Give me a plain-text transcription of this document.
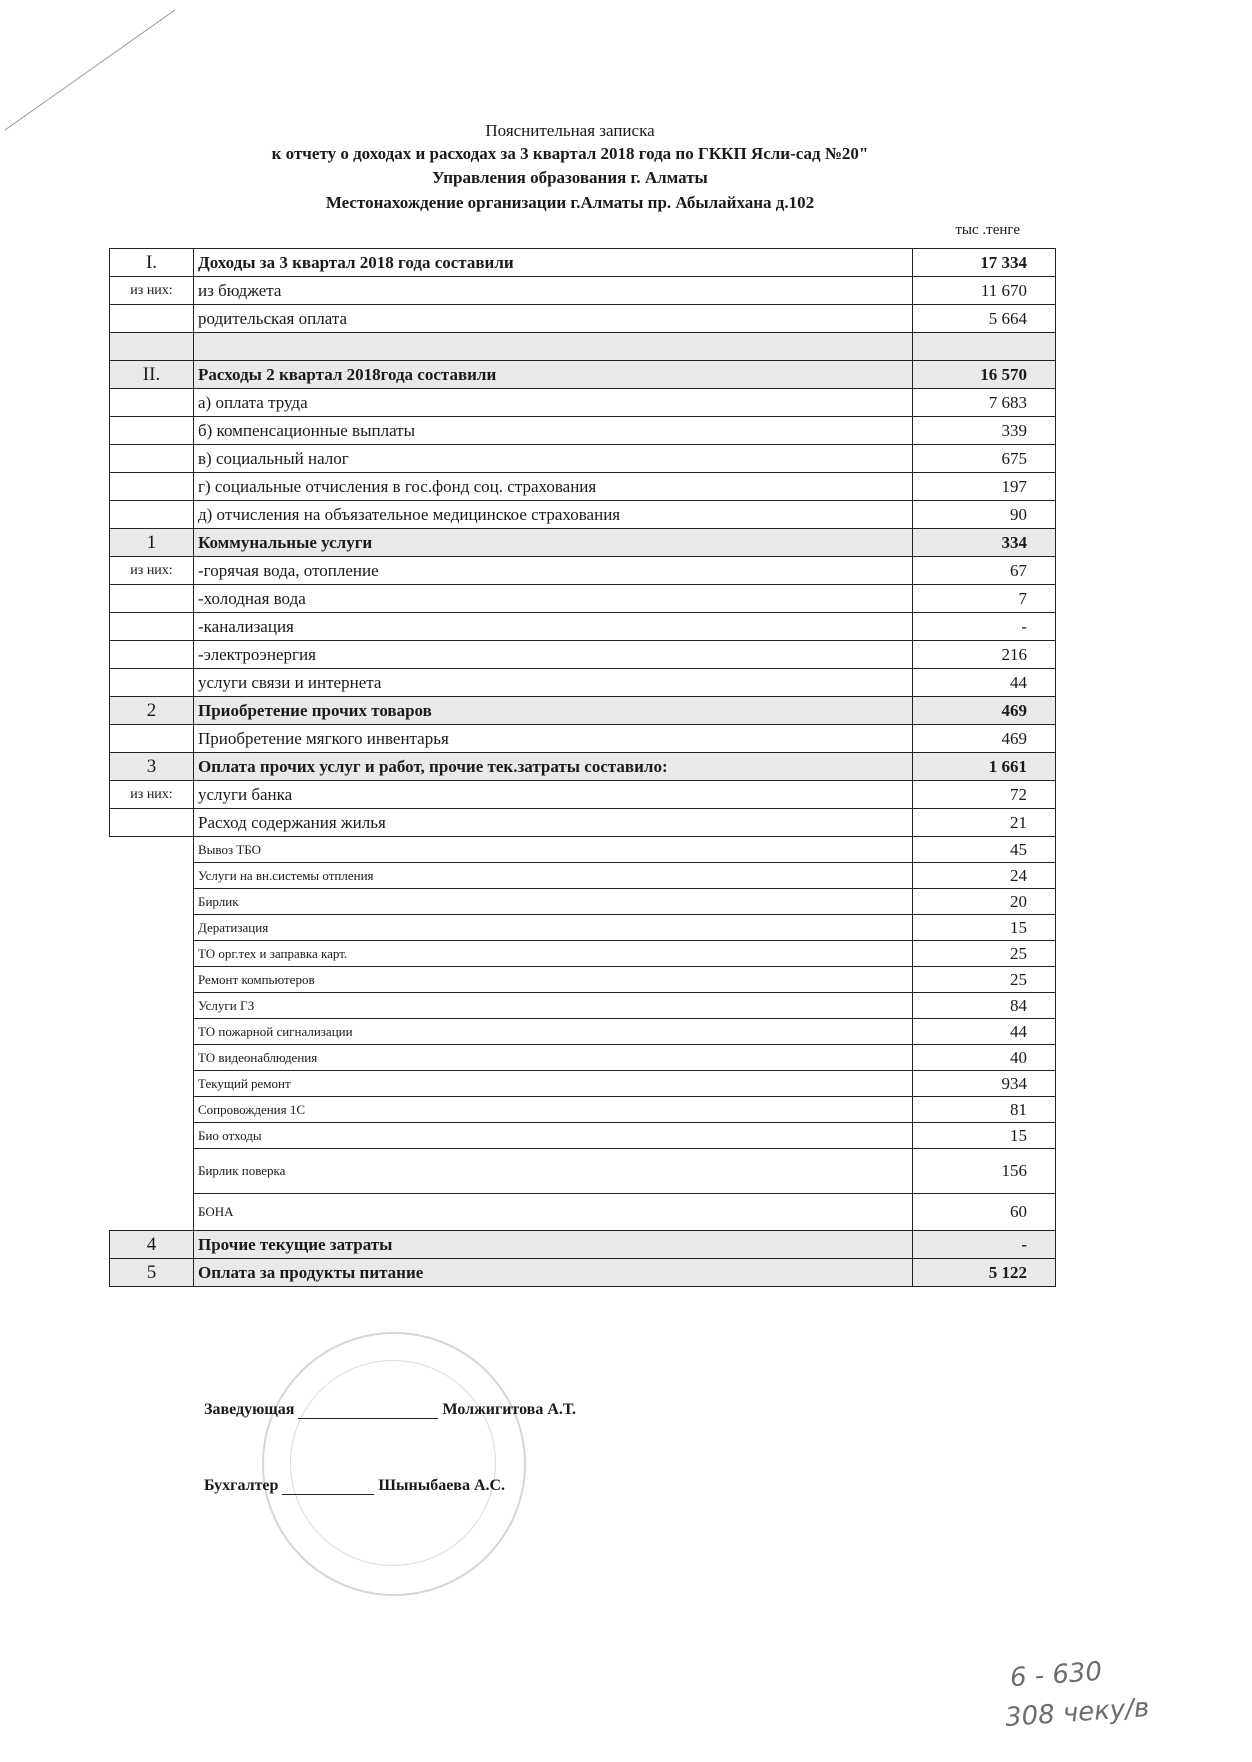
Пояснительная записка
к отчету о доходах и расходах за 3 квартал 2018 года по ГККП Ясли-сад №20"
Управления образования г. Алматы
Местонахождение организации г.Алматы пр. Абылайхана д.102
тыс .тенге
I.	Доходы за 3 квартал 2018 года составили	17 334
из них:	из бюджета	11 670
	родительская оплата	5 664

II.	Расходы 2 квартал 2018года составили	16 570
	а) оплата труда	7 683
	б) компенсационные выплаты	339
	в) социальный налог	675
	г) социальные отчисления в гос.фонд соц. страхования	197
	д) отчисления на объязательное медицинское страхования	90
1	Коммунальные услуги	334
из них:	-горячая вода, отопление	67
	-холодная вода	7
	-канализация	-
	-электроэнергия	216
	услуги связи и интернета	44
2	Приобретение прочих товаров	469
	Приобретение мягкого инвентарья	469
3	Оплата прочих услуг и работ, прочие тек.затраты составило:	1 661
из них:	услуги банка	72
	Расход содержания жилья	21
	Вывоз ТБО	45
	Услуги на вн.системы отпления	24
	Бирлик	20
	Дератизация	15
	ТО орг.тех и заправка карт.	25
	Ремонт компьютеров	25
	Услуги ГЗ	84
	ТО пожарной сигнализации	44
	ТО видеонаблюдения	40
	Текущий ремонт	934
	Сопровождения 1С	81
	Био отходы	15
	Бирлик поверка	156
	БОНА	60
4	Прочие текущие затраты	-
5	Оплата за продукты питание	5 122
Заведующая	Молжигитова А.Т.
Бухгалтер	Шыныбаева А.С.
6 - 630
308 чеку/в
